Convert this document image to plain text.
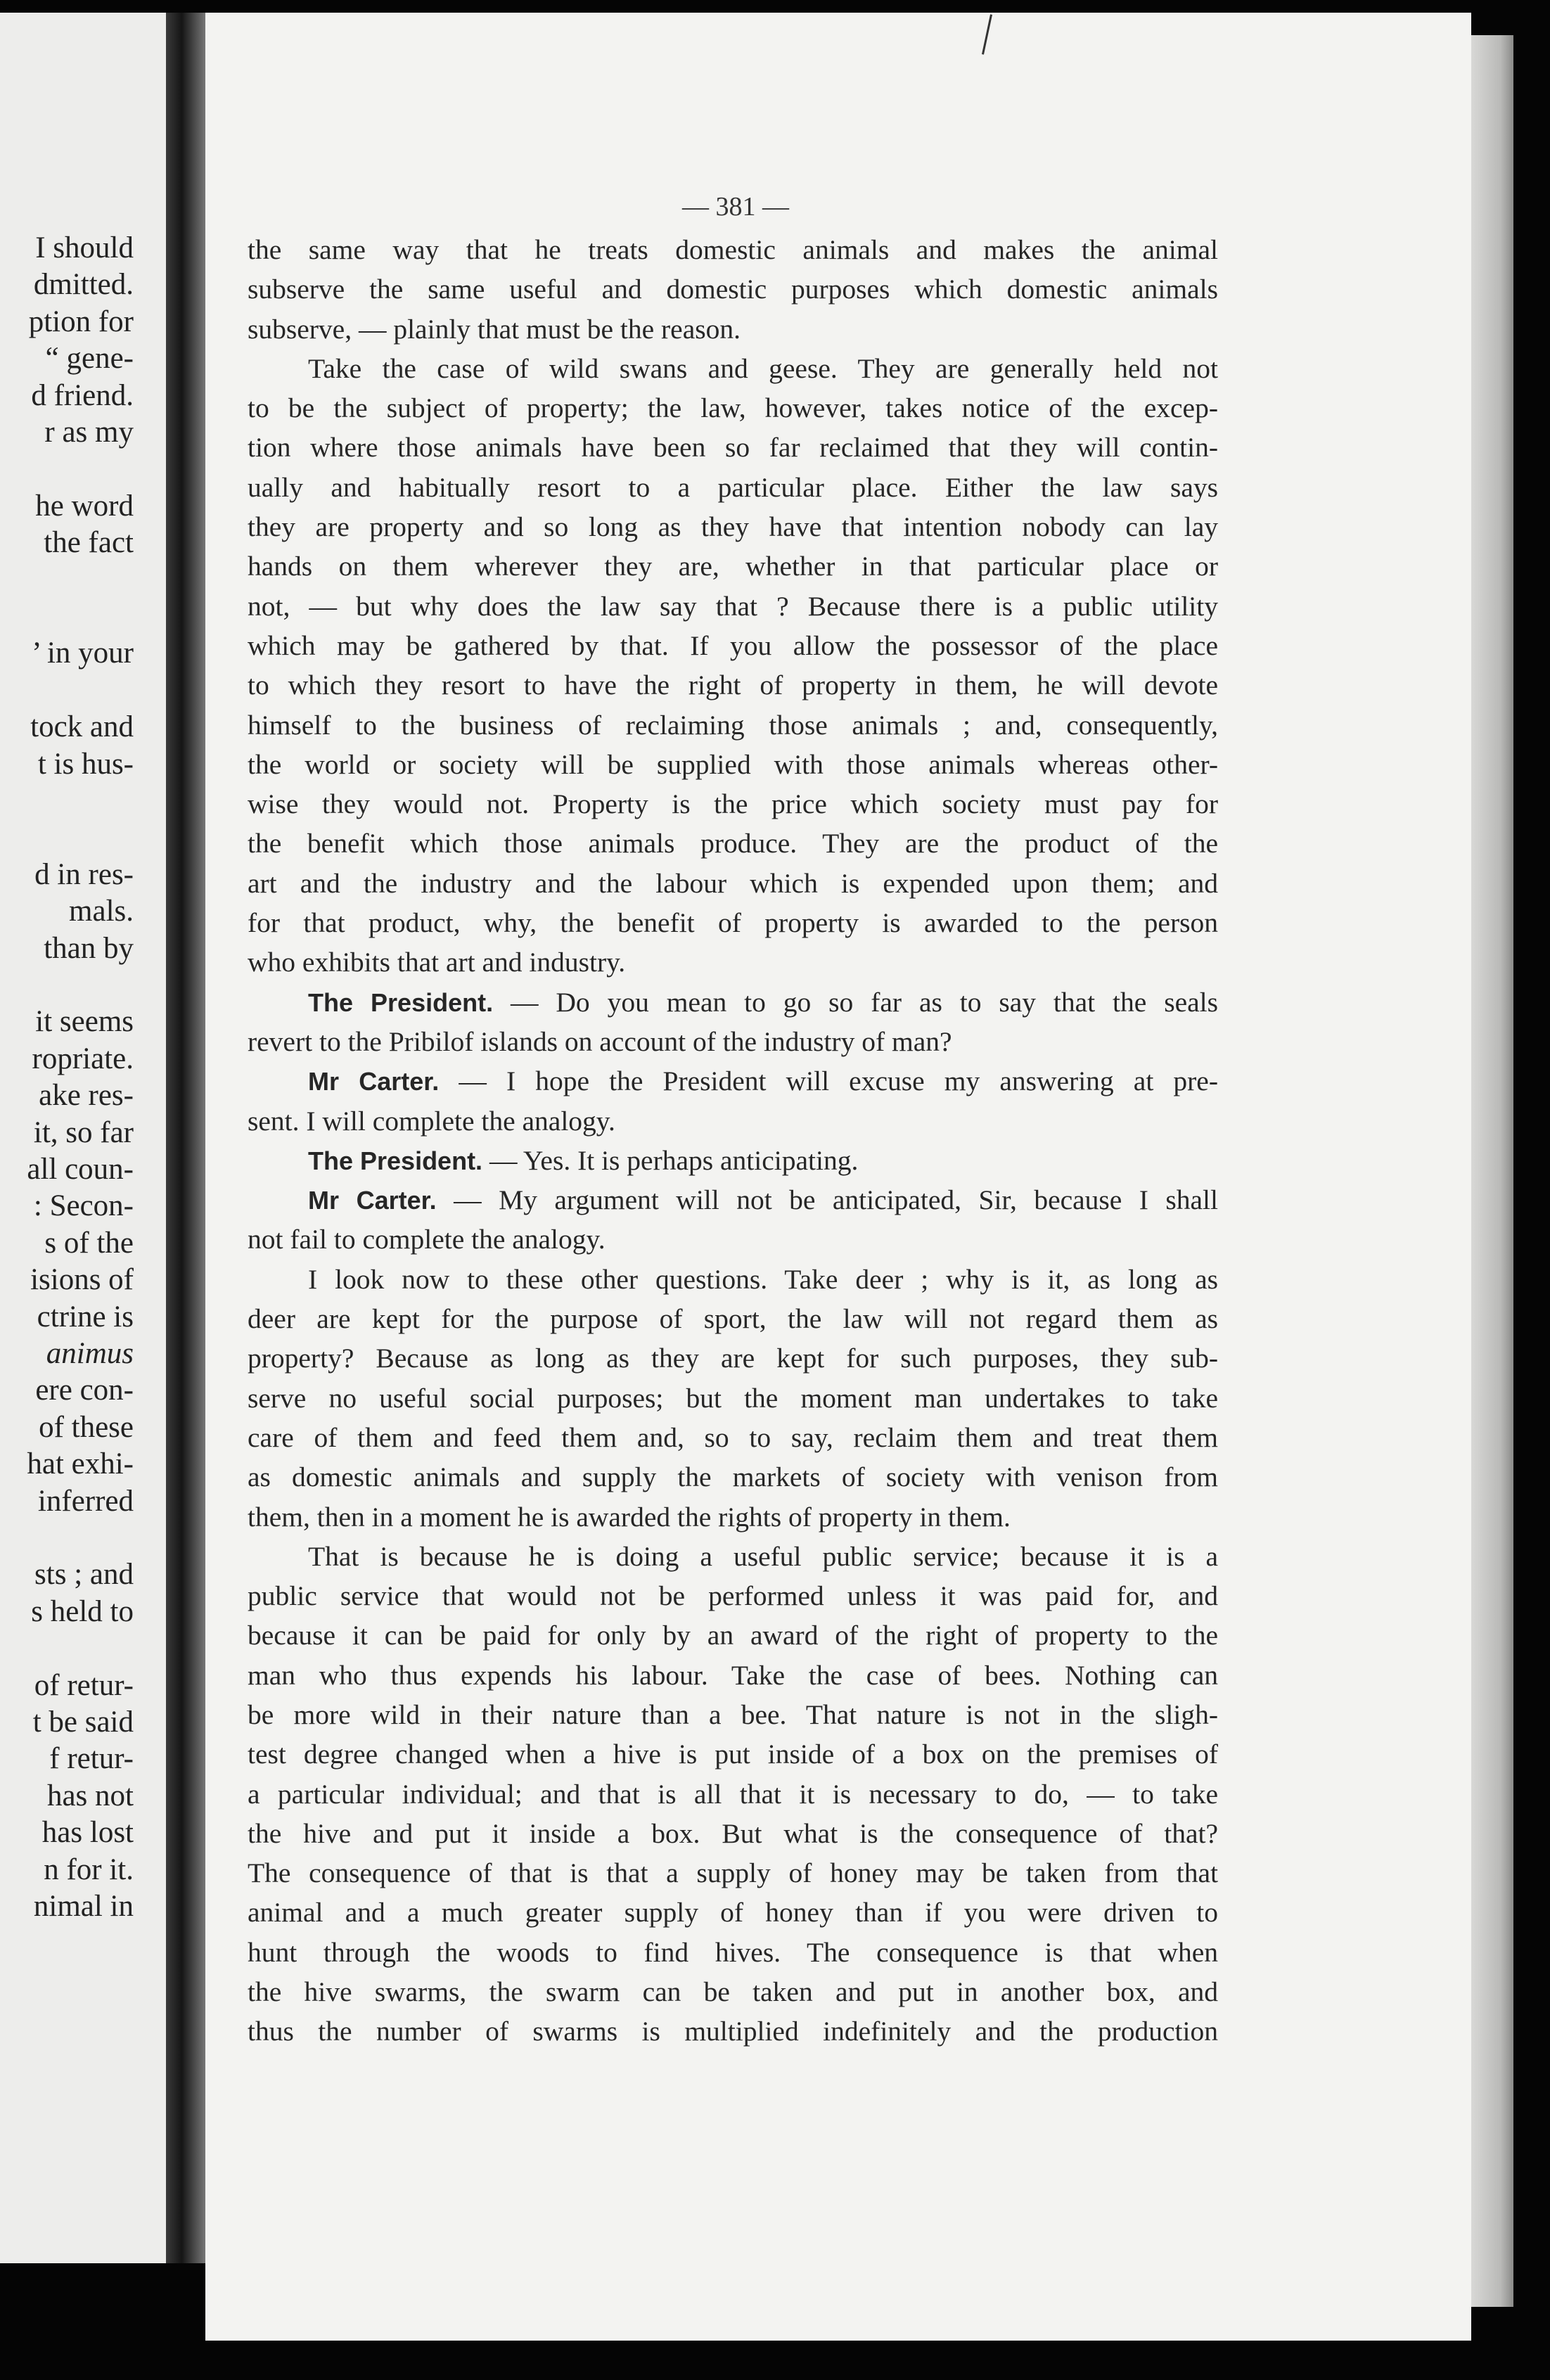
I should
dmitted.
ption for
“ gene-
d friend.
r as my
he word
the fact
’ in your
tock and
t is hus-
d in res-
mals.
than by
it seems
ropriate.
ake res-
it, so far
all coun-
: Secon-
s of the
isions of
ctrine is
animus
ere con-
of these
hat exhi-
inferred
sts ; and
s held to
of retur-
t be said
f retur-
has not
has lost
n for it.
nimal in
— 381 —
the same way that he treats domestic animals and makes the animal
subserve the same useful and domestic purposes which domestic animals
subserve, — plainly that must be the reason.
Take the case of wild swans and geese. They are generally held not
to be the subject of property; the law, however, takes notice of the excep-
tion where those animals have been so far reclaimed that they will contin-
ually and habitually resort to a particular place. Either the law says
they are property and so long as they have that intention nobody can lay
hands on them wherever they are, whether in that particular place or
not, — but why does the law say that ? Because there is a public utility
which may be gathered by that. If you allow the possessor of the place
to which they resort to have the right of property in them, he will devote
himself to the business of reclaiming those animals ; and, consequently,
the world or society will be supplied with those animals whereas other-
wise they would not. Property is the price which society must pay for
the benefit which those animals produce. They are the product of the
art and the industry and the labour which is expended upon them; and
for that product, why, the benefit of property is awarded to the person
who exhibits that art and industry.
The President. — Do you mean to go so far as to say that the seals
revert to the Pribilof islands on account of the industry of man?
Mr Carter. — I hope the President will excuse my answering at pre-
sent. I will complete the analogy.
The President. — Yes. It is perhaps anticipating.
Mr Carter. — My argument will not be anticipated, Sir, because I shall
not fail to complete the analogy.
I look now to these other questions. Take deer ; why is it, as long as
deer are kept for the purpose of sport, the law will not regard them as
property? Because as long as they are kept for such purposes, they sub-
serve no useful social purposes; but the moment man undertakes to take
care of them and feed them and, so to say, reclaim them and treat them
as domestic animals and supply the markets of society with venison from
them, then in a moment he is awarded the rights of property in them.
That is because he is doing a useful public service; because it is a
public service that would not be performed unless it was paid for, and
because it can be paid for only by an award of the right of property to the
man who thus expends his labour. Take the case of bees. Nothing can
be more wild in their nature than a bee. That nature is not in the sligh-
test degree changed when a hive is put inside of a box on the premises of
a particular individual; and that is all that it is necessary to do, — to take
the hive and put it inside a box. But what is the consequence of that?
The consequence of that is that a supply of honey may be taken from that
animal and a much greater supply of honey than if you were driven to
hunt through the woods to find hives. The consequence is that when
the hive swarms, the swarm can be taken and put in another box, and
thus the number of swarms is multiplied indefinitely and the production
